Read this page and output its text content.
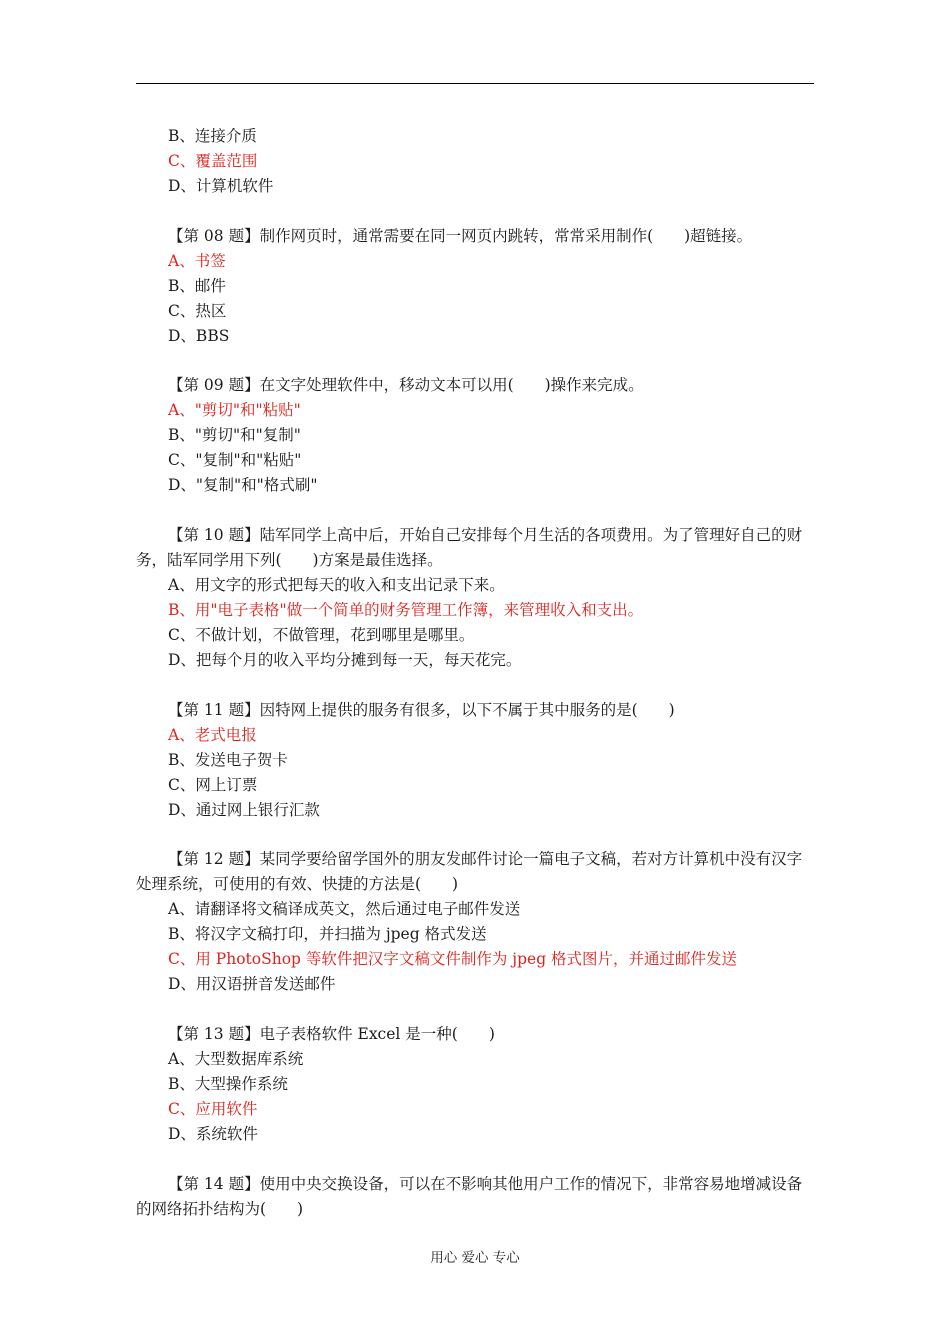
B、连接介质
C、覆盖范围
D、计算机软件
【第 08 题】制作网页时，通常需要在同一网页内跳转，常常采用制作(　　)超链接。
A、书签
B、邮件
C、热区
D、BBS
【第 09 题】在文字处理软件中，移动文本可以用(　　)操作来完成。
A、"剪切"和"粘贴"
B、"剪切"和"复制"
C、"复制"和"粘贴"
D、"复制"和"格式刷"
【第 10 题】陆军同学上高中后，开始自己安排每个月生活的各项费用。为了管理好自己的财务，陆军同学用下列(　　)方案是最佳选择。
A、用文字的形式把每天的收入和支出记录下来。
B、用"电子表格"做一个简单的财务管理工作簿，来管理收入和支出。
C、不做计划，不做管理，花到哪里是哪里。
D、把每个月的收入平均分摊到每一天，每天花完。
【第 11 题】因特网上提供的服务有很多，以下不属于其中服务的是(　　)
A、老式电报
B、发送电子贺卡
C、网上订票
D、通过网上银行汇款
【第 12 题】某同学要给留学国外的朋友发邮件讨论一篇电子文稿，若对方计算机中没有汉字处理系统，可使用的有效、快捷的方法是(　　)
A、请翻译将文稿译成英文，然后通过电子邮件发送
B、将汉字文稿打印，并扫描为 jpeg 格式发送
C、用 PhotoShop 等软件把汉字文稿文件制作为 jpeg 格式图片，并通过邮件发送
D、用汉语拼音发送邮件
【第 13 题】电子表格软件 Excel 是一种(　　)
A、大型数据库系统
B、大型操作系统
C、应用软件
D、系统软件
【第 14 题】使用中央交换设备，可以在不影响其他用户工作的情况下，非常容易地增减设备的网络拓扑结构为(　　)
用心 爱心 专心
